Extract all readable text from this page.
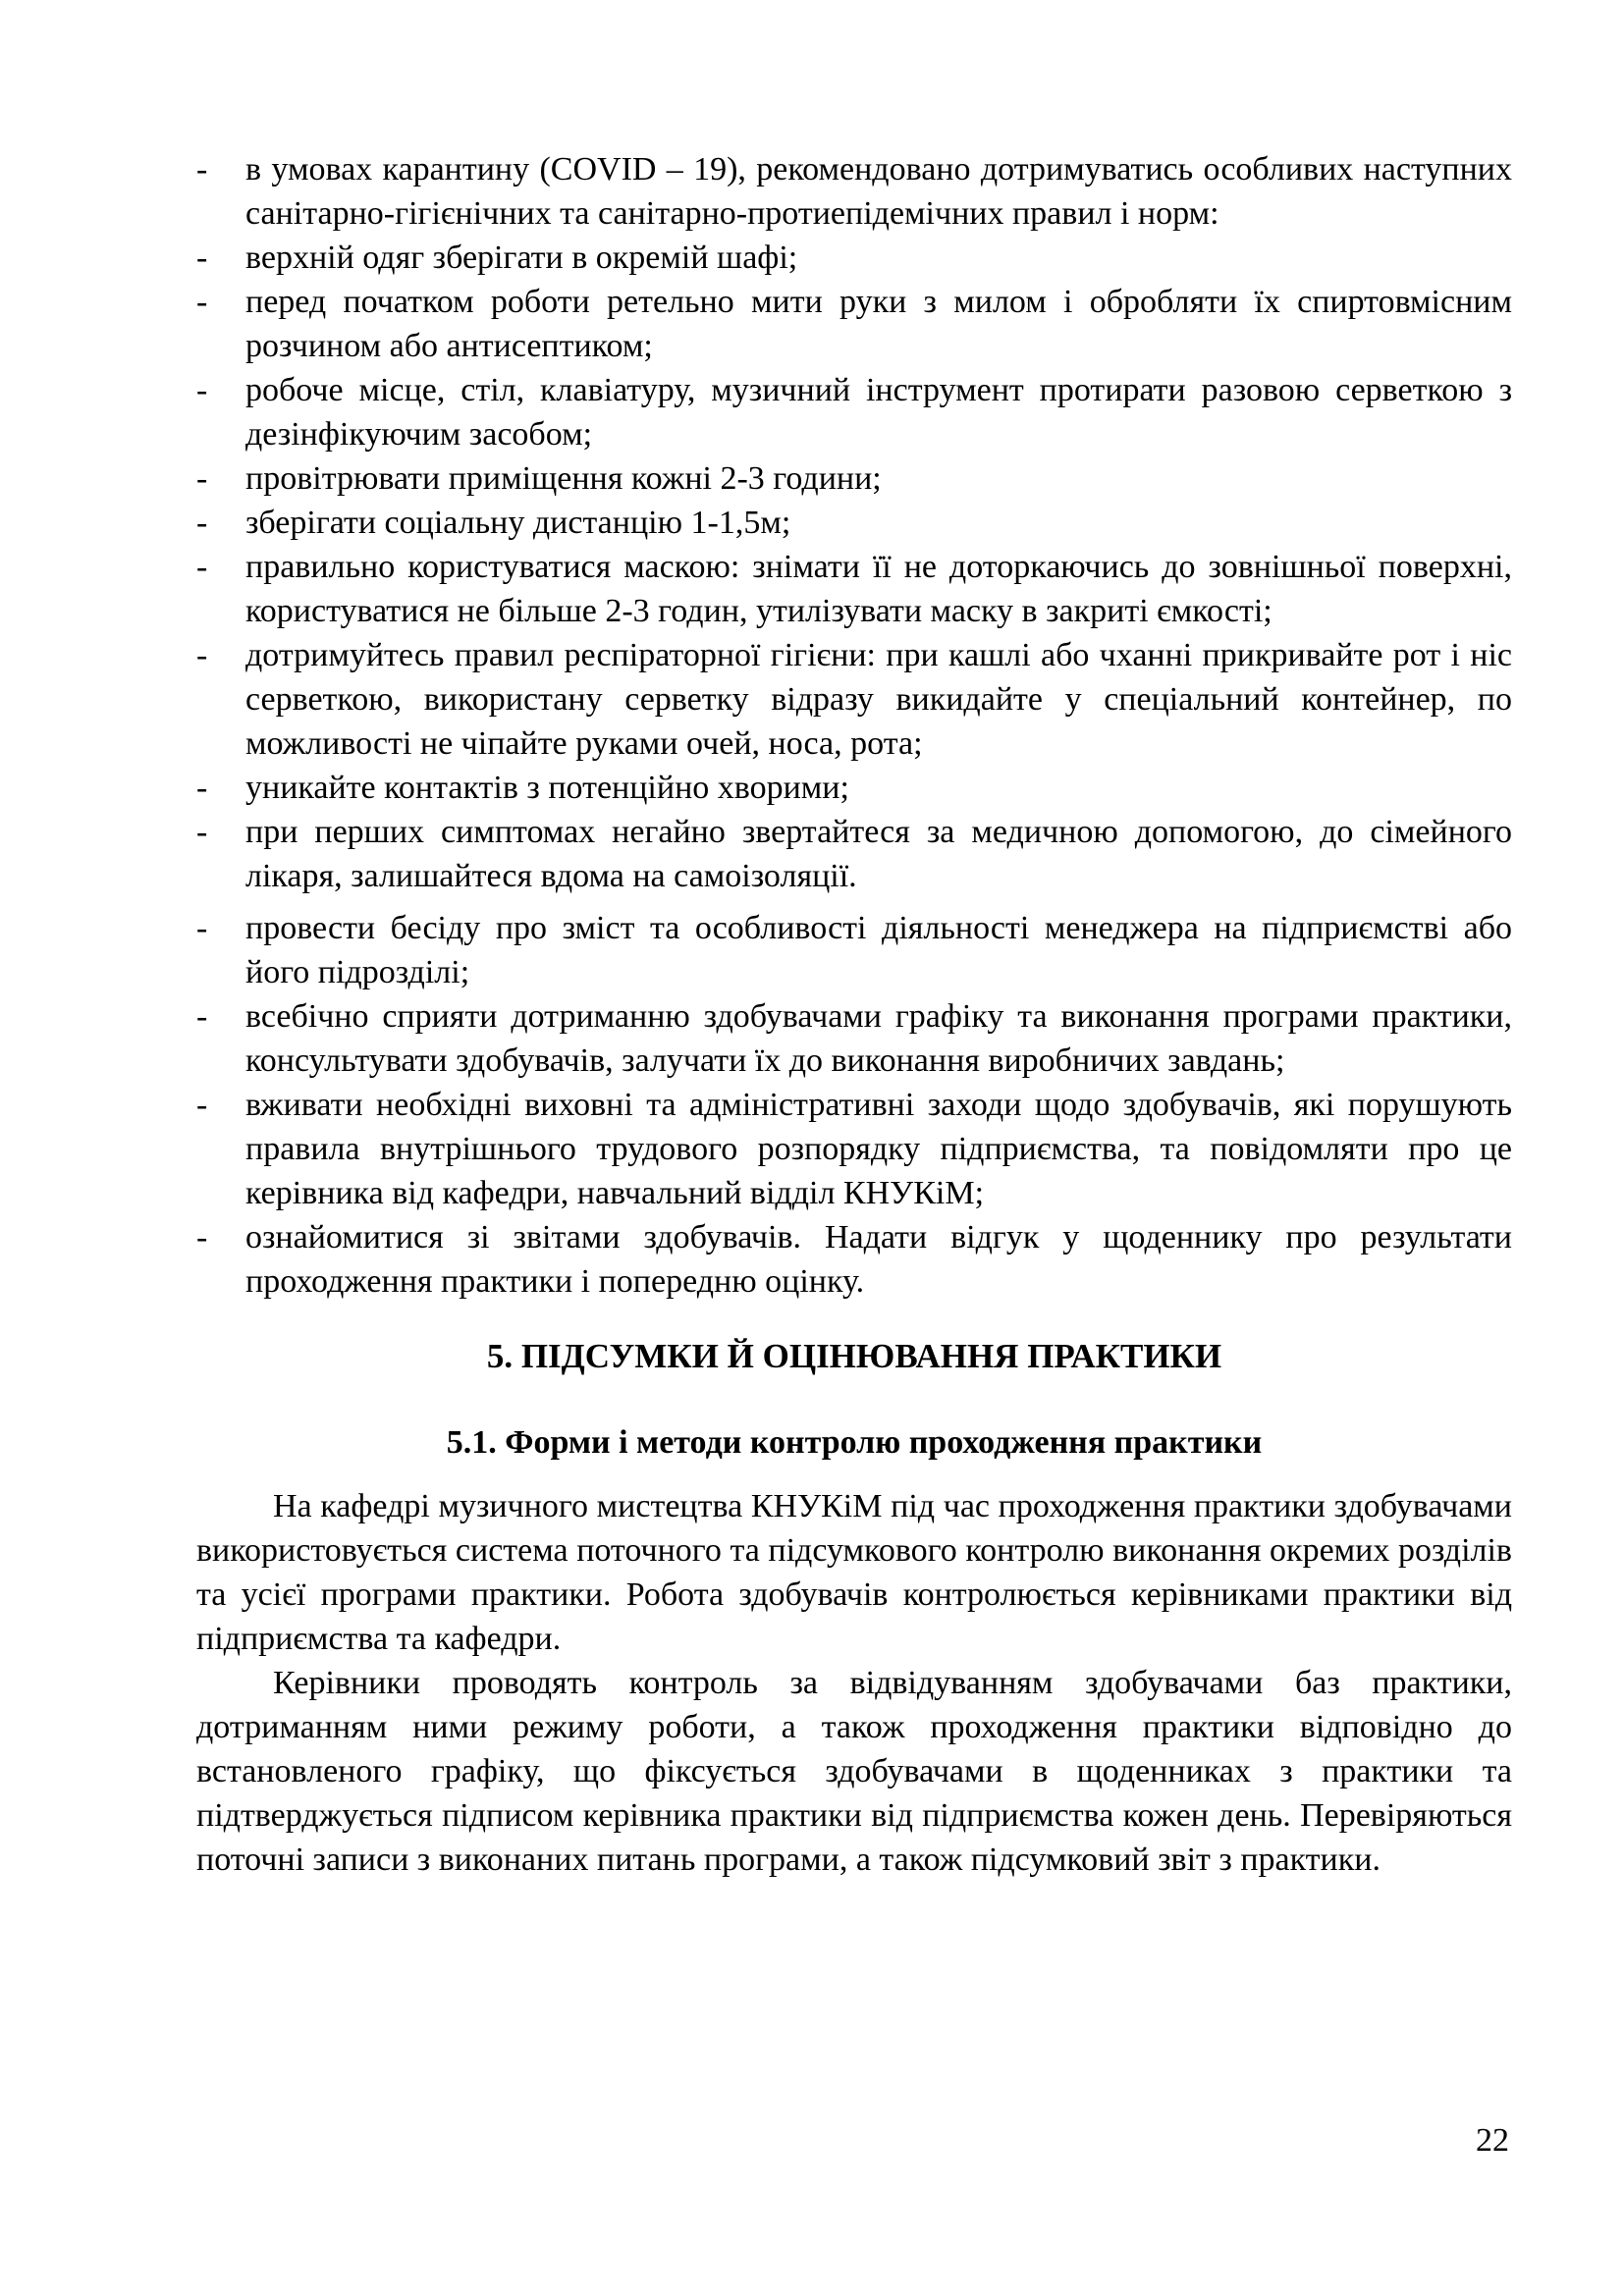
- в умовах карантину (COVID – 19), рекомендовано дотримуватись особливих наступних санітарно-гігієнічних та санітарно-протиепідемічних правил і норм:
- верхній одяг зберігати в окремій шафі;
- перед початком роботи ретельно мити руки з милом і обробляти їх спиртовмісним розчином або антисептиком;
- робоче місце, стіл, клавіатуру, музичний інструмент протирати разовою серветкою з дезінфікуючим засобом;
- провітрювати приміщення кожні 2-3 години;
- зберігати соціальну дистанцію 1-1,5м;
- правильно користуватися маскою: знімати її не доторкаючись до зовнішньої поверхні, користуватися не більше 2-3 годин, утилізувати маску в закриті ємкості;
- дотримуйтесь правил респіраторної гігієни: при кашлі або чханні прикривайте рот і ніс серветкою, використану серветку відразу викидайте у спеціальний контейнер, по можливості не чіпайте руками очей, носа, рота;
- уникайте контактів з потенційно хворими;
- при перших симптомах негайно звертайтеся за медичною допомогою, до сімейного лікаря, залишайтеся вдома на самоізоляції.
- провести бесіду про зміст та особливості діяльності менеджера на підприємстві або його підрозділі;
- всебічно сприяти дотриманню здобувачами графіку та виконання програми практики, консультувати здобувачів, залучати їх до виконання виробничих завдань;
- вживати необхідні виховні та адміністративні заходи щодо здобувачів, які порушують правила внутрішнього трудового розпорядку підприємства, та повідомляти про це керівника від кафедри, навчальний відділ КНУКіМ;
- ознайомитися зі звітами здобувачів. Надати відгук у щоденнику про результати проходження практики і попередню оцінку.
5. ПІДСУМКИ Й ОЦІНЮВАННЯ ПРАКТИКИ
5.1. Форми і методи контролю проходження практики

На кафедрі музичного мистецтва КНУКіМ під час проходження практики здобувачами використовується система поточного та підсумкового контролю виконання окремих розділів та усієї програми практики. Робота здобувачів контролюється керівниками практики від підприємства та кафедри.

Керівники проводять контроль за відвідуванням здобувачами баз практики, дотриманням ними режиму роботи, а також проходження практики відповідно до встановленого графіку, що фіксується здобувачами в щоденниках з практики та підтверджується підписом керівника практики від підприємства кожен день. Перевіряються поточні записи з виконаних питань програми, а також підсумковий звіт з практики.

22
